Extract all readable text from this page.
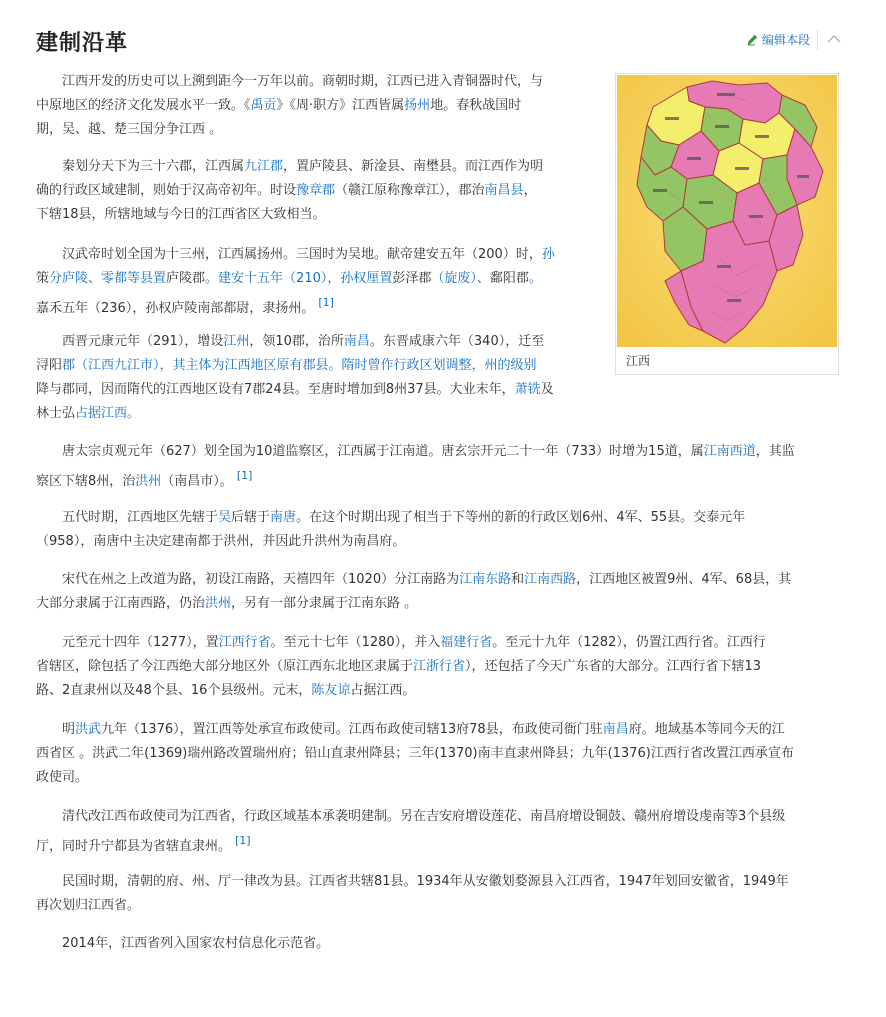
建制沿革	编辑本段
江西

江西开发的历史可以上溯到距今一万年以前。商朝时期，江西已进入青铜器时代，与
中原地区的经济文化发展水平一致。《禹贡》《周·职方》江西皆属扬州地。春秋战国时
期，吴、越、楚三国分争江西 。

秦划分天下为三十六郡，江西属九江郡，置庐陵县、新淦县、南壄县。而江西作为明
确的行政区域建制，则始于汉高帝初年。时设豫章郡（赣江原称豫章江），郡治南昌县，
下辖18县，所辖地域与今日的江西省区大致相当。

汉武帝时划全国为十三州，江西属扬州。三国时为吴地。献帝建安五年（200）时，孙
策分庐陵、零都等县置庐陵郡。建安十五年（210），孙权厘置彭泽郡（旋废）、鄱阳郡。
嘉禾五年（236），孙权庐陵南部都尉，隶扬州。 [1]

西晋元康元年（291），增设江州，领10郡，治所南昌。东晋咸康六年（340），迁至
浔阳郡（江西九江市），其主体为江西地区原有郡县。隋时曾作行政区划调整，州的级别
降与郡同，因而隋代的江西地区设有7郡24县。至唐时增加到8州37县。大业末年，萧铣及
林士弘占据江西。

唐太宗贞观元年（627）划全国为10道监察区，江西属于江南道。唐玄宗开元二十一年（733）时增为15道，属江南西道，其监
察区下辖8州，治洪州（南昌市）。 [1]

五代时期，江西地区先辖于吴后辖于南唐。在这个时期出现了相当于下等州的新的行政区划6州、4军、55县。交泰元年
（958），南唐中主决定建南都于洪州，并因此升洪州为南昌府。

宋代在州之上改道为路，初设江南路，天禧四年（1020）分江南路为江南东路和江南西路，江西地区被置9州、4军、68县，其
大部分隶属于江南西路，仍治洪州，另有一部分隶属于江南东路 。

元至元十四年（1277），置江西行省。至元十七年（1280），并入福建行省。至元十九年（1282），仍置江西行省。江西行
省辖区，除包括了今江西绝大部分地区外（原江西东北地区隶属于江浙行省），还包括了今天广东省的大部分。江西行省下辖13
路、2直隶州以及48个县、16个县级州。元末，陈友谅占据江西。

明洪武九年（1376），置江西等处承宣布政使司。江西布政使司辖13府78县，布政使司衙门驻南昌府。地域基本等同今天的江
西省区 。洪武二年(1369)瑞州路改置瑞州府；铅山直隶州降县；三年(1370)南丰直隶州降县；九年(1376)江西行省改置江西承宣布
政使司。

清代改江西布政使司为江西省，行政区域基本承袭明建制。另在吉安府增设莲花、南昌府增设铜鼓、赣州府增设虔南等3个县级
厅，同时升宁都县为省辖直隶州。 [1]

民国时期，清朝的府、州、厅一律改为县。江西省共辖81县。1934年从安徽划婺源县入江西省，1947年划回安徽省，1949年
再次划归江西省。

2014年，江西省列入国家农村信息化示范省。
